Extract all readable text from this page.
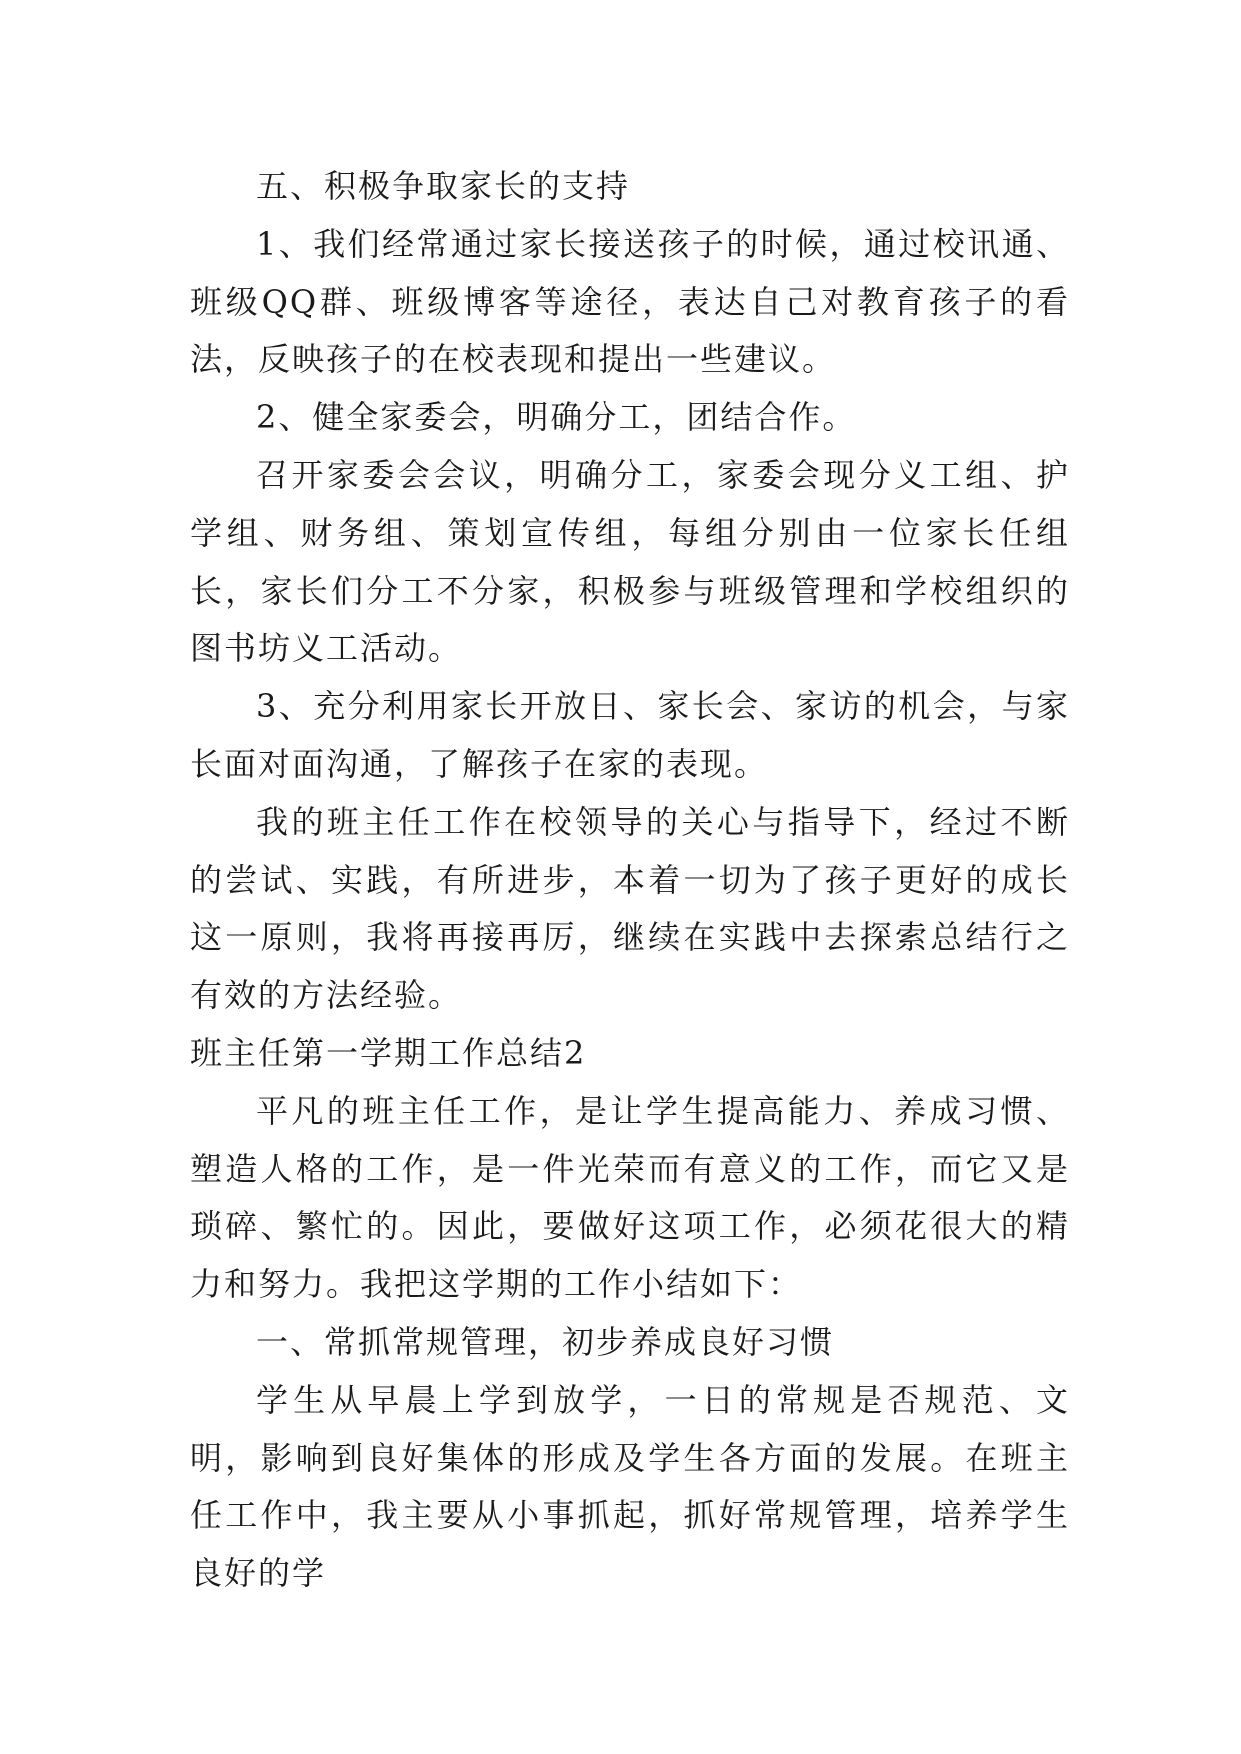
五、积极争取家长的支持

1、我们经常通过家长接送孩子的时候，通过校讯通、班级QQ群、班级博客等途径，表达自己对教育孩子的看法，反映孩子的在校表现和提出一些建议。

2、健全家委会，明确分工，团结合作。

召开家委会会议，明确分工，家委会现分义工组、护学组、财务组、策划宣传组，每组分别由一位家长任组长，家长们分工不分家，积极参与班级管理和学校组织的图书坊义工活动。

3、充分利用家长开放日、家长会、家访的机会，与家长面对面沟通，了解孩子在家的表现。

我的班主任工作在校领导的关心与指导下，经过不断的尝试、实践，有所进步，本着一切为了孩子更好的成长这一原则，我将再接再厉，继续在实践中去探索总结行之有效的方法经验。

班主任第一学期工作总结2

平凡的班主任工作，是让学生提高能力、养成习惯、塑造人格的工作，是一件光荣而有意义的工作，而它又是琐碎、繁忙的。因此，要做好这项工作，必须花很大的精力和努力。我把这学期的工作小结如下：

一、常抓常规管理，初步养成良好习惯

学生从早晨上学到放学，一日的常规是否规范、文明，影响到良好集体的形成及学生各方面的发展。在班主任工作中，我主要从小事抓起，抓好常规管理，培养学生良好的学
